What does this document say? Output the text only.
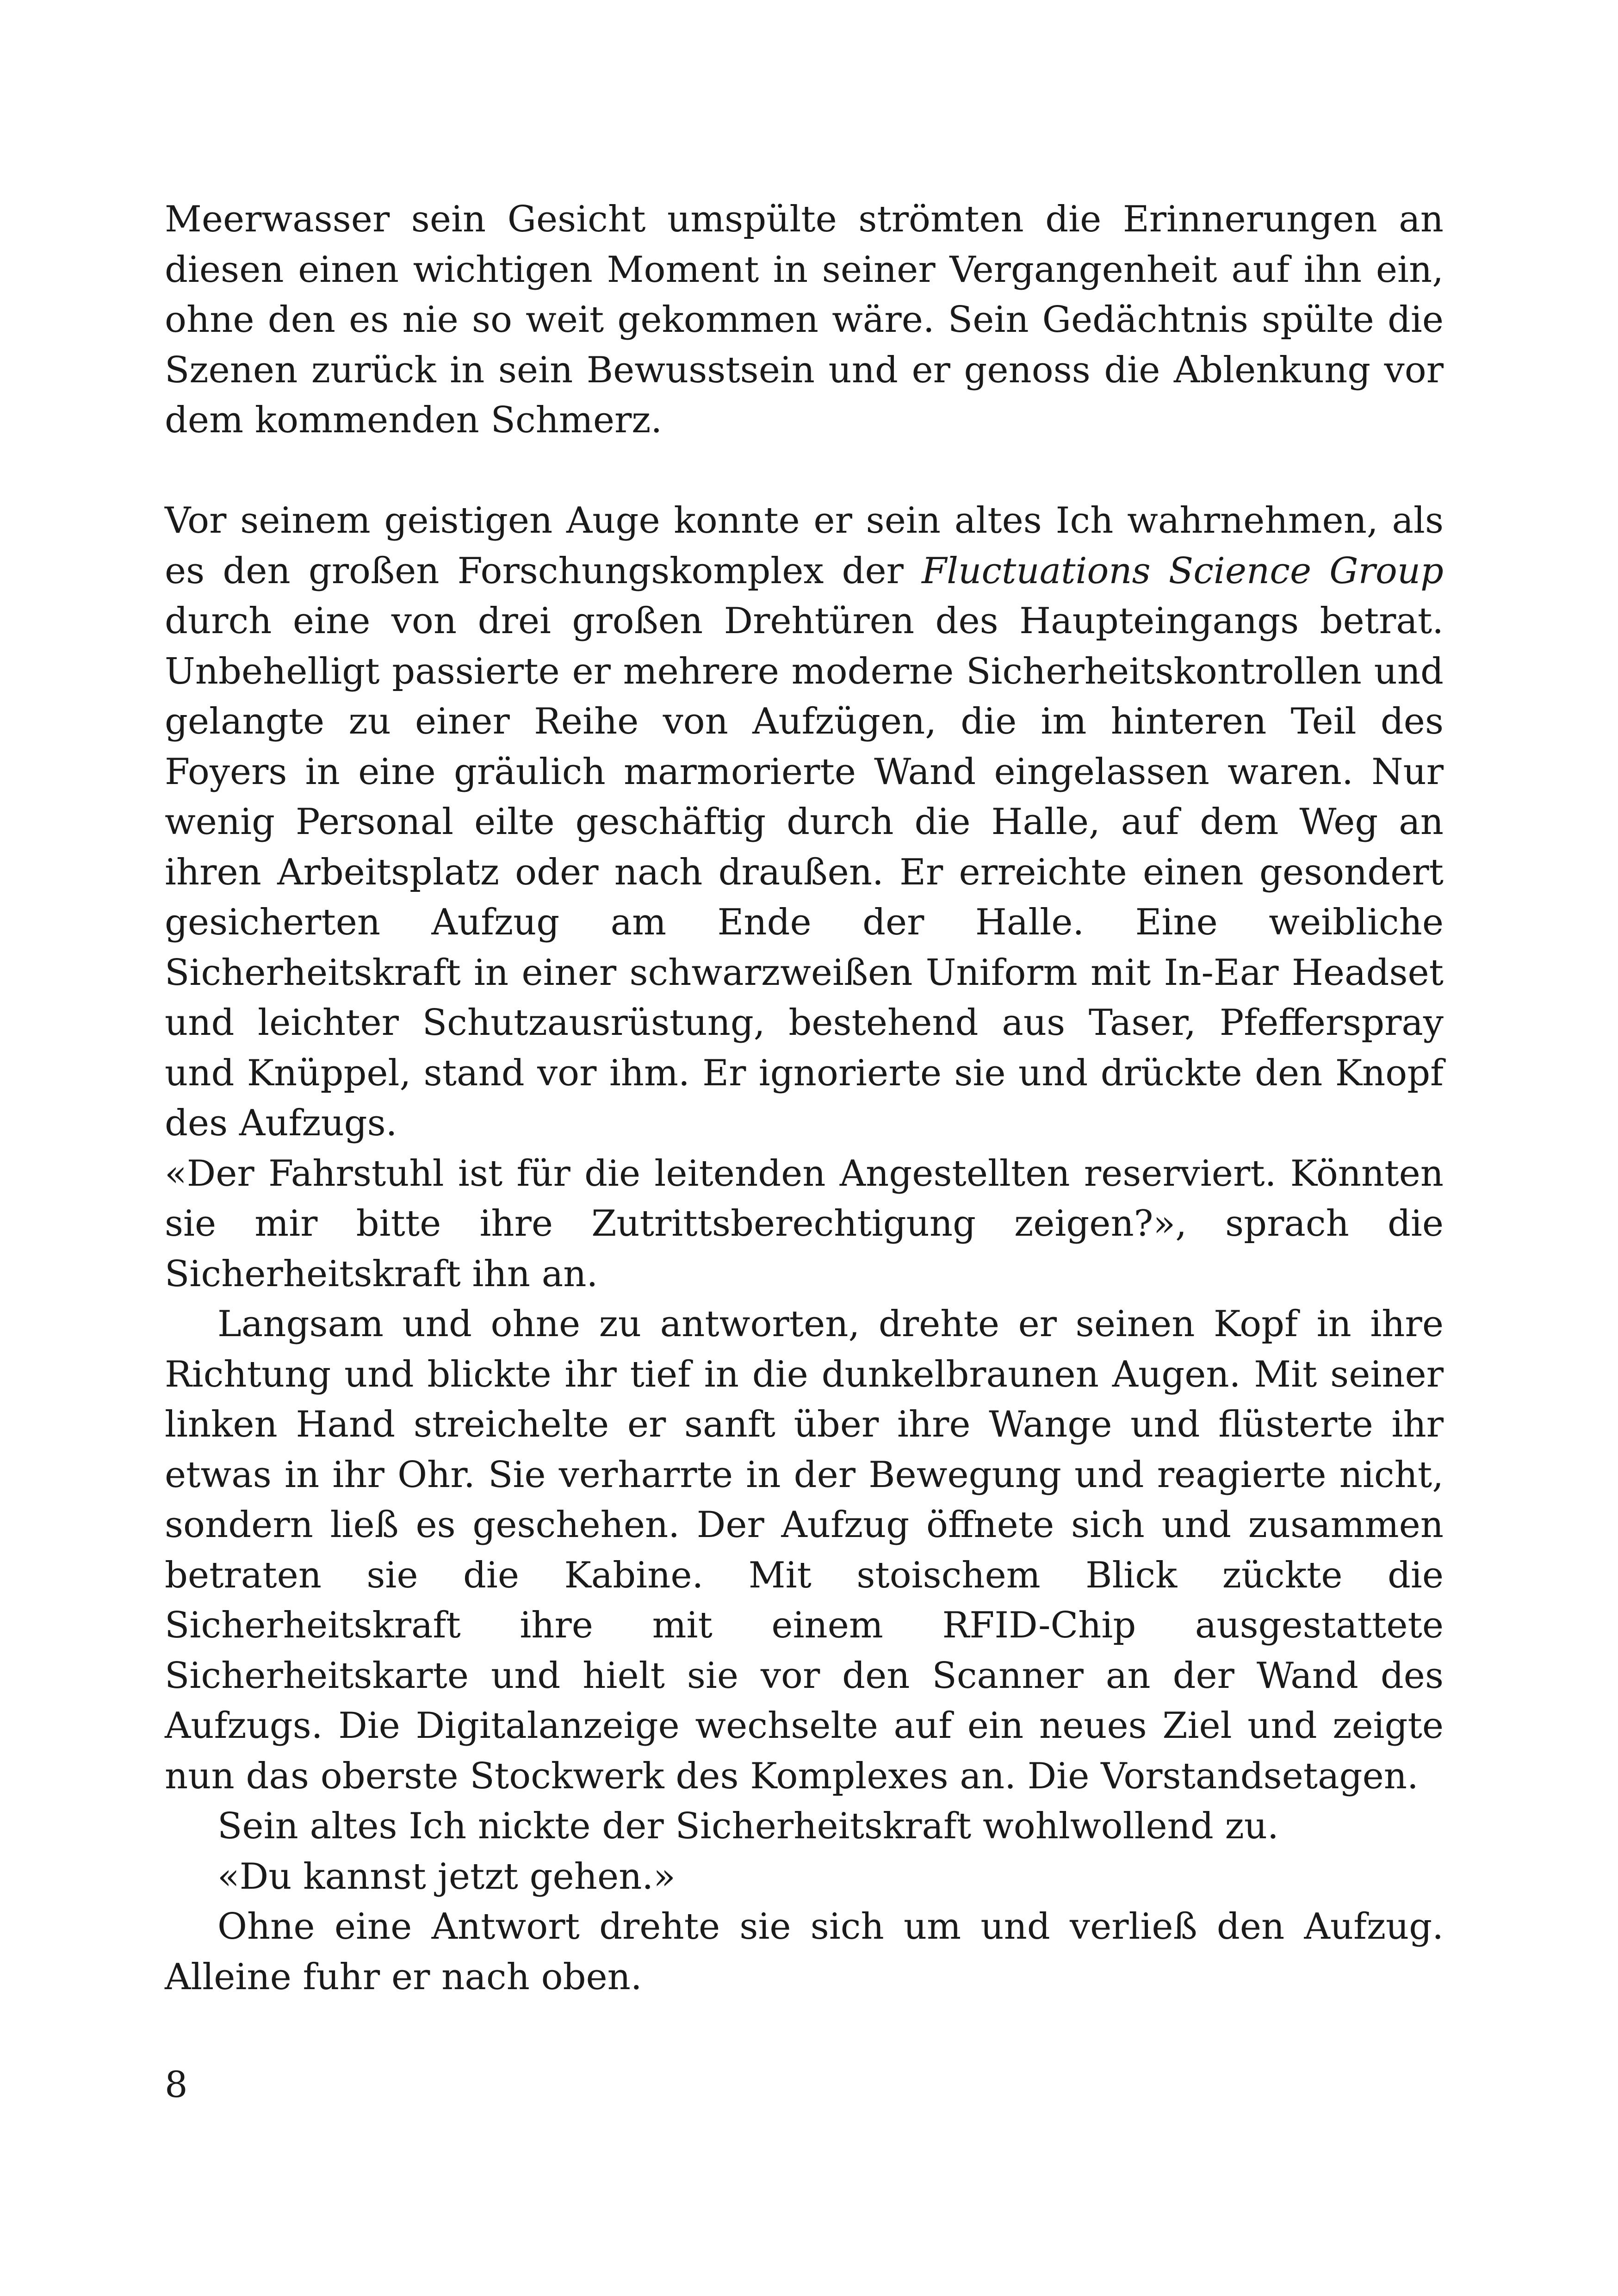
Meerwasser sein Gesicht umspülte strömten die Erinnerungen an diesen einen wichtigen Moment in seiner Vergangenheit auf ihn ein, ohne den es nie so weit gekommen wäre. Sein Gedächtnis spülte die Szenen zurück in sein Bewusstsein und er genoss die Ablenkung vor dem kommenden Schmerz.

Vor seinem geistigen Auge konnte er sein altes Ich wahrnehmen, als es den großen Forschungskomplex der Fluctuations Science Group durch eine von drei großen Drehtüren des Haupteingangs betrat. Unbehelligt passierte er mehrere moderne Sicherheitskontrollen und gelangte zu einer Reihe von Aufzügen, die im hinteren Teil des Foyers in eine gräulich marmorierte Wand eingelassen waren. Nur wenig Personal eilte geschäftig durch die Halle, auf dem Weg an ihren Arbeitsplatz oder nach draußen. Er erreichte einen gesondert gesicherten Aufzug am Ende der Halle. Eine weibliche Sicherheitskraft in einer schwarzweißen Uniform mit In-Ear Headset und leichter Schutzausrüstung, bestehend aus Taser, Pfefferspray und Knüppel, stand vor ihm. Er ignorierte sie und drückte den Knopf des Aufzugs.

«Der Fahrstuhl ist für die leitenden Angestellten reserviert. Könnten sie mir bitte ihre Zutrittsberechtigung zeigen?», sprach die Sicherheitskraft ihn an.

Langsam und ohne zu antworten, drehte er seinen Kopf in ihre Richtung und blickte ihr tief in die dunkelbraunen Augen. Mit seiner linken Hand streichelte er sanft über ihre Wange und flüsterte ihr etwas in ihr Ohr. Sie verharrte in der Bewegung und reagierte nicht, sondern ließ es geschehen. Der Aufzug öffnete sich und zusammen betraten sie die Kabine. Mit stoischem Blick zückte die Sicherheitskraft ihre mit einem RFID-Chip ausgestattete Sicherheitskarte und hielt sie vor den Scanner an der Wand des Aufzugs. Die Digitalanzeige wechselte auf ein neues Ziel und zeigte nun das oberste Stockwerk des Komplexes an. Die Vorstandsetagen.

Sein altes Ich nickte der Sicherheitskraft wohlwollend zu.

«Du kannst jetzt gehen.»

Ohne eine Antwort drehte sie sich um und verließ den Aufzug. Alleine fuhr er nach oben.

8
